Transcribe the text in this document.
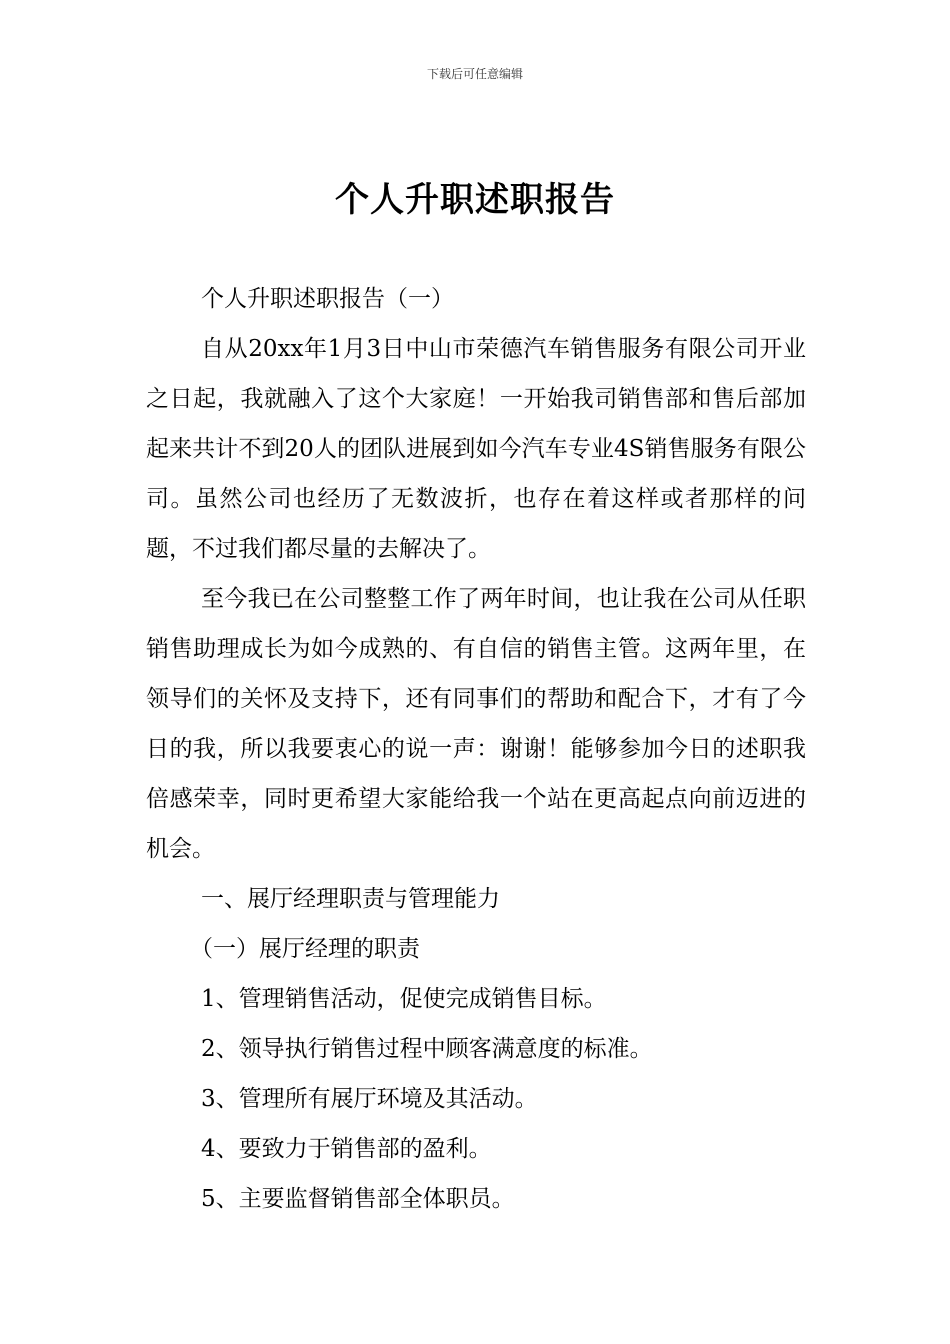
下载后可任意编辑
个人升职述职报告

个人升职述职报告（一）

自从20xx年1月3日中山市荣德汽车销售服务有限公司开业之日起，我就融入了这个大家庭！一开始我司销售部和售后部加起来共计不到20人的团队进展到如今汽车专业4S销售服务有限公司。虽然公司也经历了无数波折，也存在着这样或者那样的问题，不过我们都尽量的去解决了。

至今我已在公司整整工作了两年时间，也让我在公司从任职销售助理成长为如今成熟的、有自信的销售主管。这两年里，在领导们的关怀及支持下，还有同事们的帮助和配合下，才有了今日的我，所以我要衷心的说一声：谢谢！能够参加今日的述职我倍感荣幸，同时更希望大家能给我一个站在更高起点向前迈进的机会。

一、展厅经理职责与管理能力

（一）展厅经理的职责

1、管理销售活动，促使完成销售目标。

2、领导执行销售过程中顾客满意度的标准。

3、管理所有展厅环境及其活动。

4、要致力于销售部的盈利。

5、主要监督销售部全体职员。
